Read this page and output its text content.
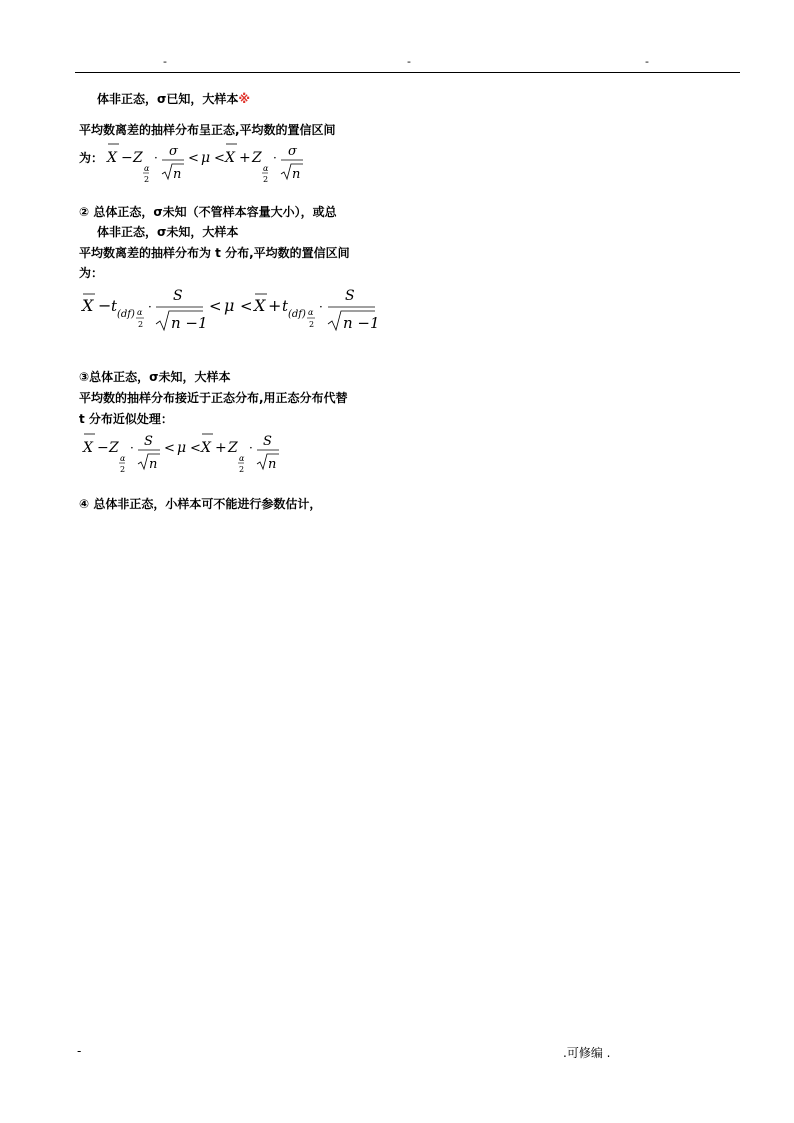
-	-	-
体非正态，σ已知，大样本※
平均数离差的抽样分布呈正态,平均数的置信区间
为： X − Z
α
2
· σ
n
< μ < X + Z
α
2
· σ
n
② 总体正态，σ未知（不管样本容量大小），或总
体非正态，σ未知，大样本
平均数离差的抽样分布为 t 分布,平均数的置信区间
为：
X − t (df) α
2
·
S
n −1
< μ < X + t (df) α
2
·
S
n −1
③总体正态，σ未知，大样本
平均数的抽样分布接近于正态分布,用正态分布代替
t 分布近似处理：
X − Z
α
2
· S
n
< μ < X + Z
α
2
· S
n
④ 总体非正态，小样本可不能进行参数估计，
-	.可修编 .
